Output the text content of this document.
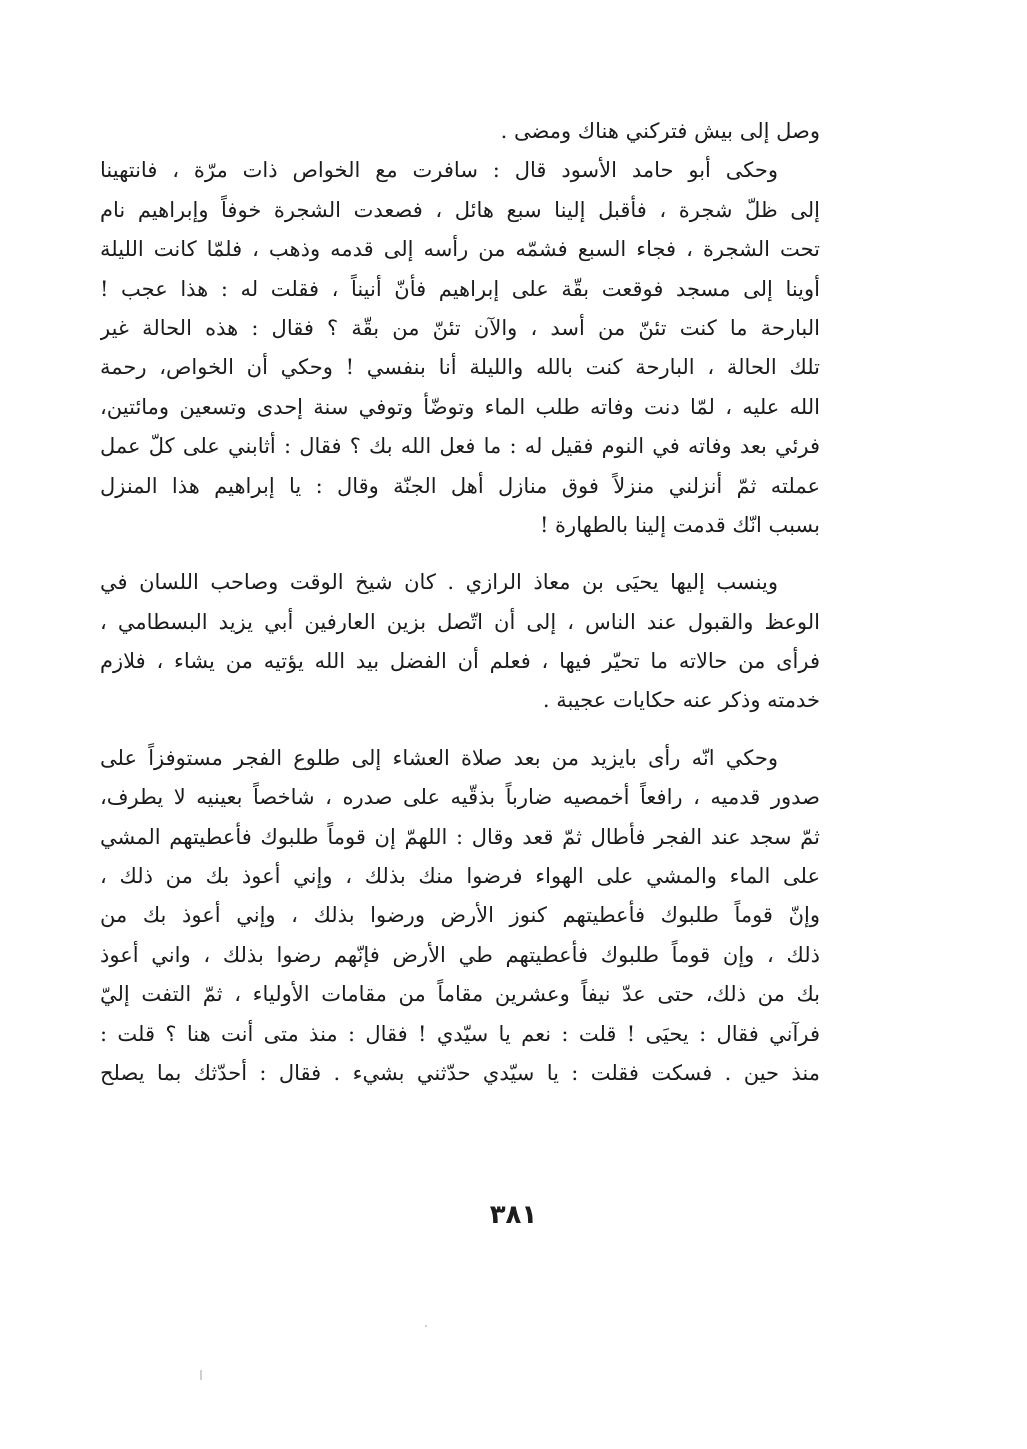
وصل إلى بيش فتركني هناك ومضى .
وحكى أبو حامد الأسود قال : سافرت مع الخواص ذات مرّة ، فانتهينا
إلى ظلّ شجرة ، فأقبل إلينا سبع هائل ، فصعدت الشجرة خوفاً وإبراهيم نام
تحت الشجرة ، فجاء السبع فشمّه من رأسه إلى قدمه وذهب ، فلمّا كانت الليلة
أوينا إلى مسجد فوقعت بقّة على إبراهيم فأنّ أنيناً ، فقلت له : هذا عجب !
البارحة ما كنت تئنّ من أسد ، والآن تئنّ من بقّة ؟ فقال : هذه الحالة غير
تلك الحالة ، البارحة كنت بالله والليلة أنا بنفسي ! وحكي أن الخواص، رحمة
الله عليه ، لمّا دنت وفاته طلب الماء وتوضّأ وتوفي سنة إحدى وتسعين ومائتين،
فرئي بعد وفاته في النوم فقيل له : ما فعل الله بك ؟ فقال : أثابني على كلّ عمل
عملته ثمّ أنزلني منزلاً فوق منازل أهل الجنّة وقال : يا إبراهيم هذا المنزل
بسبب انّك قدمت إلينا بالطهارة !
وينسب إليها يحيَى بن معاذ الرازي . كان شيخ الوقت وصاحب اللسان في
الوعظ والقبول عند الناس ، إلى أن اتّصل بزين العارفين أبي يزيد البسطامي ،
فرأى من حالاته ما تحيّر فيها ، فعلم أن الفضل بيد الله يؤتيه من يشاء ، فلازم
خدمته وذكر عنه حكايات عجيبة .
وحكي انّه رأى بايزيد من بعد صلاة العشاء إلى طلوع الفجر مستوفزاً على
صدور قدميه ، رافعاً أخمصيه ضارباً بذقّيه على صدره ، شاخصاً بعينيه لا يطرف،
ثمّ سجد عند الفجر فأطال ثمّ قعد وقال : اللهمّ إن قوماً طلبوك فأعطيتهم المشي
على الماء والمشي على الهواء فرضوا منك بذلك ، وإني أعوذ بك من ذلك ،
وإنّ قوماً طلبوك فأعطيتهم كنوز الأرض ورضوا بذلك ، وإني أعوذ بك من
ذلك ، وإن قوماً طلبوك فأعطيتهم طي الأرض فإنّهم رضوا بذلك ، واني أعوذ
بك من ذلك، حتى عدّ نيفاً وعشرين مقاماً من مقامات الأولياء ، ثمّ التفت إليّ
فرآني فقال : يحيَى ! قلت : نعم يا سيّدي ! فقال : منذ متى أنت هنا ؟ قلت :
منذ حين . فسكت فقلت : يا سيّدي حدّثني بشيء . فقال : أحدّثك بما يصلح
٣٨١
